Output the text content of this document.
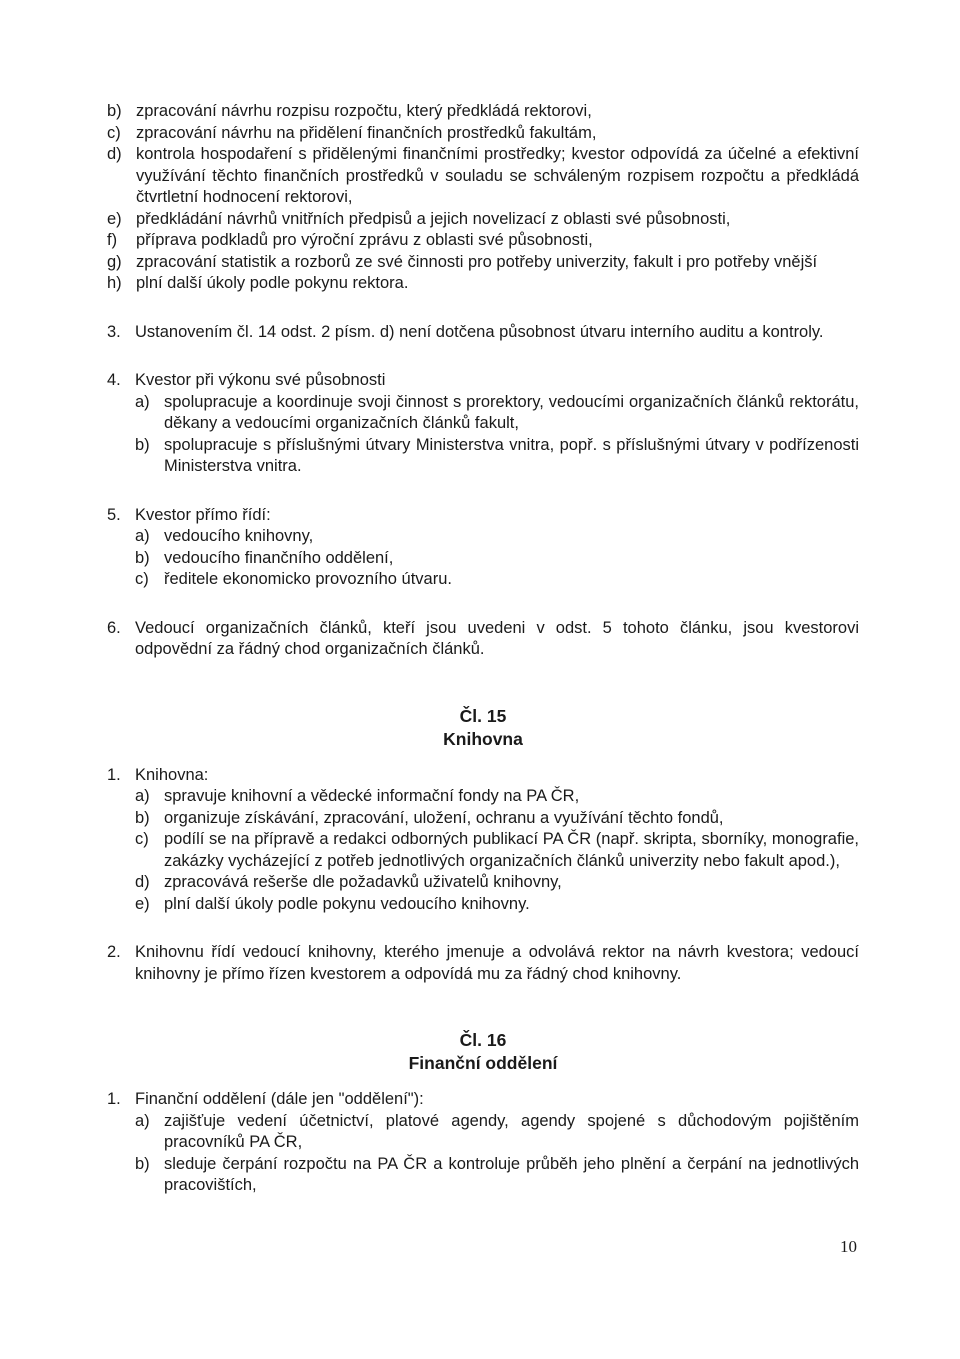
b) zpracování návrhu rozpisu rozpočtu, který předkládá rektorovi,

c) zpracování návrhu na přidělení finančních prostředků fakultám,

d) kontrola hospodaření s přidělenými finančními prostředky; kvestor odpovídá za účelné a efektivní využívání těchto finančních prostředků v souladu se schváleným rozpisem rozpočtu a předkládá čtvrtletní hodnocení rektorovi,

e) předkládání návrhů vnitřních předpisů a jejich novelizací z oblasti své působnosti,

f) příprava podkladů pro výroční zprávu z oblasti své působnosti,

g) zpracování statistik a rozborů ze své činnosti pro potřeby univerzity, fakult i pro potřeby vnější

h) plní další úkoly podle pokynu rektora.

3. Ustanovením čl. 14 odst. 2 písm. d) není dotčena působnost útvaru interního auditu a kontroly.

4. Kvestor při výkonu své působnosti

a) spolupracuje a koordinuje svoji činnost s prorektory, vedoucími organizačních článků rektorátu, děkany a vedoucími organizačních článků fakult,

b) spolupracuje s příslušnými útvary Ministerstva vnitra, popř. s příslušnými útvary v podřízenosti Ministerstva vnitra.

5. Kvestor přímo řídí:

a) vedoucího knihovny,

b) vedoucího finančního oddělení,

c) ředitele ekonomicko provozního útvaru.

6. Vedoucí organizačních článků, kteří jsou uvedeni v odst. 5 tohoto článku, jsou kvestorovi odpovědní za řádný chod organizačních článků.

Čl. 15
Knihovna

1. Knihovna:

a) spravuje knihovní a vědecké informační fondy na PA ČR,

b) organizuje získávání, zpracování, uložení, ochranu a využívání těchto fondů,

c) podílí se na přípravě a redakci odborných publikací PA ČR (např. skripta, sborníky, monografie, zakázky vycházející z potřeb jednotlivých organizačních článků univerzity nebo fakult apod.),

d) zpracovává rešerše dle požadavků uživatelů knihovny,

e) plní další úkoly podle pokynu vedoucího knihovny.

2. Knihovnu řídí vedoucí knihovny, kterého jmenuje a odvolává rektor na návrh kvestora; vedoucí knihovny je přímo řízen kvestorem a odpovídá mu za řádný chod knihovny.

Čl. 16
Finanční oddělení

1. Finanční oddělení (dále jen "oddělení"):

a) zajišťuje vedení účetnictví, platové agendy, agendy spojené s důchodovým pojištěním pracovníků PA ČR,

b) sleduje čerpání rozpočtu na PA ČR a kontroluje průběh jeho plnění a čerpání na jednotlivých pracovištích,

10
